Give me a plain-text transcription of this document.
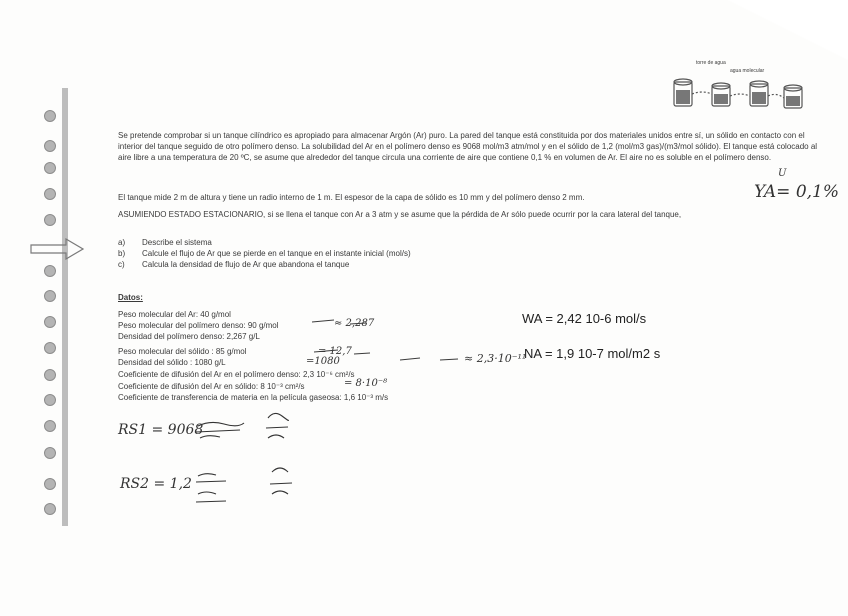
torre de agua
agua molecular
Se pretende comprobar si un tanque cilíndrico es apropiado para almacenar Argón (Ar) puro. La pared del tanque está constituida por dos materiales unidos entre sí, un sólido en contacto con el interior del tanque seguido de otro polímero denso. La solubilidad del Ar en el polímero denso es 9068 mol/m3 atm/mol y en el sólido de 1,2 (mol/m3 gas)/(m3/mol sólido). El tanque está colocado al aire libre a una temperatura de 20 ºC, se asume que alrededor del tanque circula una corriente de aire que contiene 0,1 % en volumen de Ar. El aire no es soluble en el polímero denso.
YA= 0,1%
U
El tanque mide 2 m de altura y tiene un radio interno de 1 m. El espesor de la capa de sólido es 10 mm y del polímero denso 2 mm.
ASUMIENDO ESTADO ESTACIONARIO, si se llena el tanque con Ar a 3 atm y se asume que la pérdida de Ar sólo puede ocurrir por la cara lateral del tanque,
a) Describe el sistema
b) Calcule el flujo de Ar que se pierde en el tanque en el instante inicial (mol/s)
c) Calcula la densidad de flujo de Ar que abandona el tanque
Datos:
Peso molecular del Ar: 40 g/mol
Peso molecular del polímero denso: 90 g/mol
Densidad del polímero denso: 2,267 g/L
Peso molecular del sólido : 85 g/mol
Densidad del sólido : 1080 g/L
Coeficiente de difusión del Ar en el polímero denso: 2,3 10⁻⁶ cm²/s
Coeficiente de difusión del Ar en sólido: 8 10⁻³ cm²/s
Coeficiente de transferencia de materia en la película gaseosa: 1,6 10⁻³ m/s
≈ 2,287
= 12,7
=1080	≈ 2,3·10⁻¹¹
= 8·10⁻⁸
WA = 2,42 10-6 mol/s
NA = 1,9 10-7 mol/m2 s
RS1 = 9068
RS2 = 1,2
